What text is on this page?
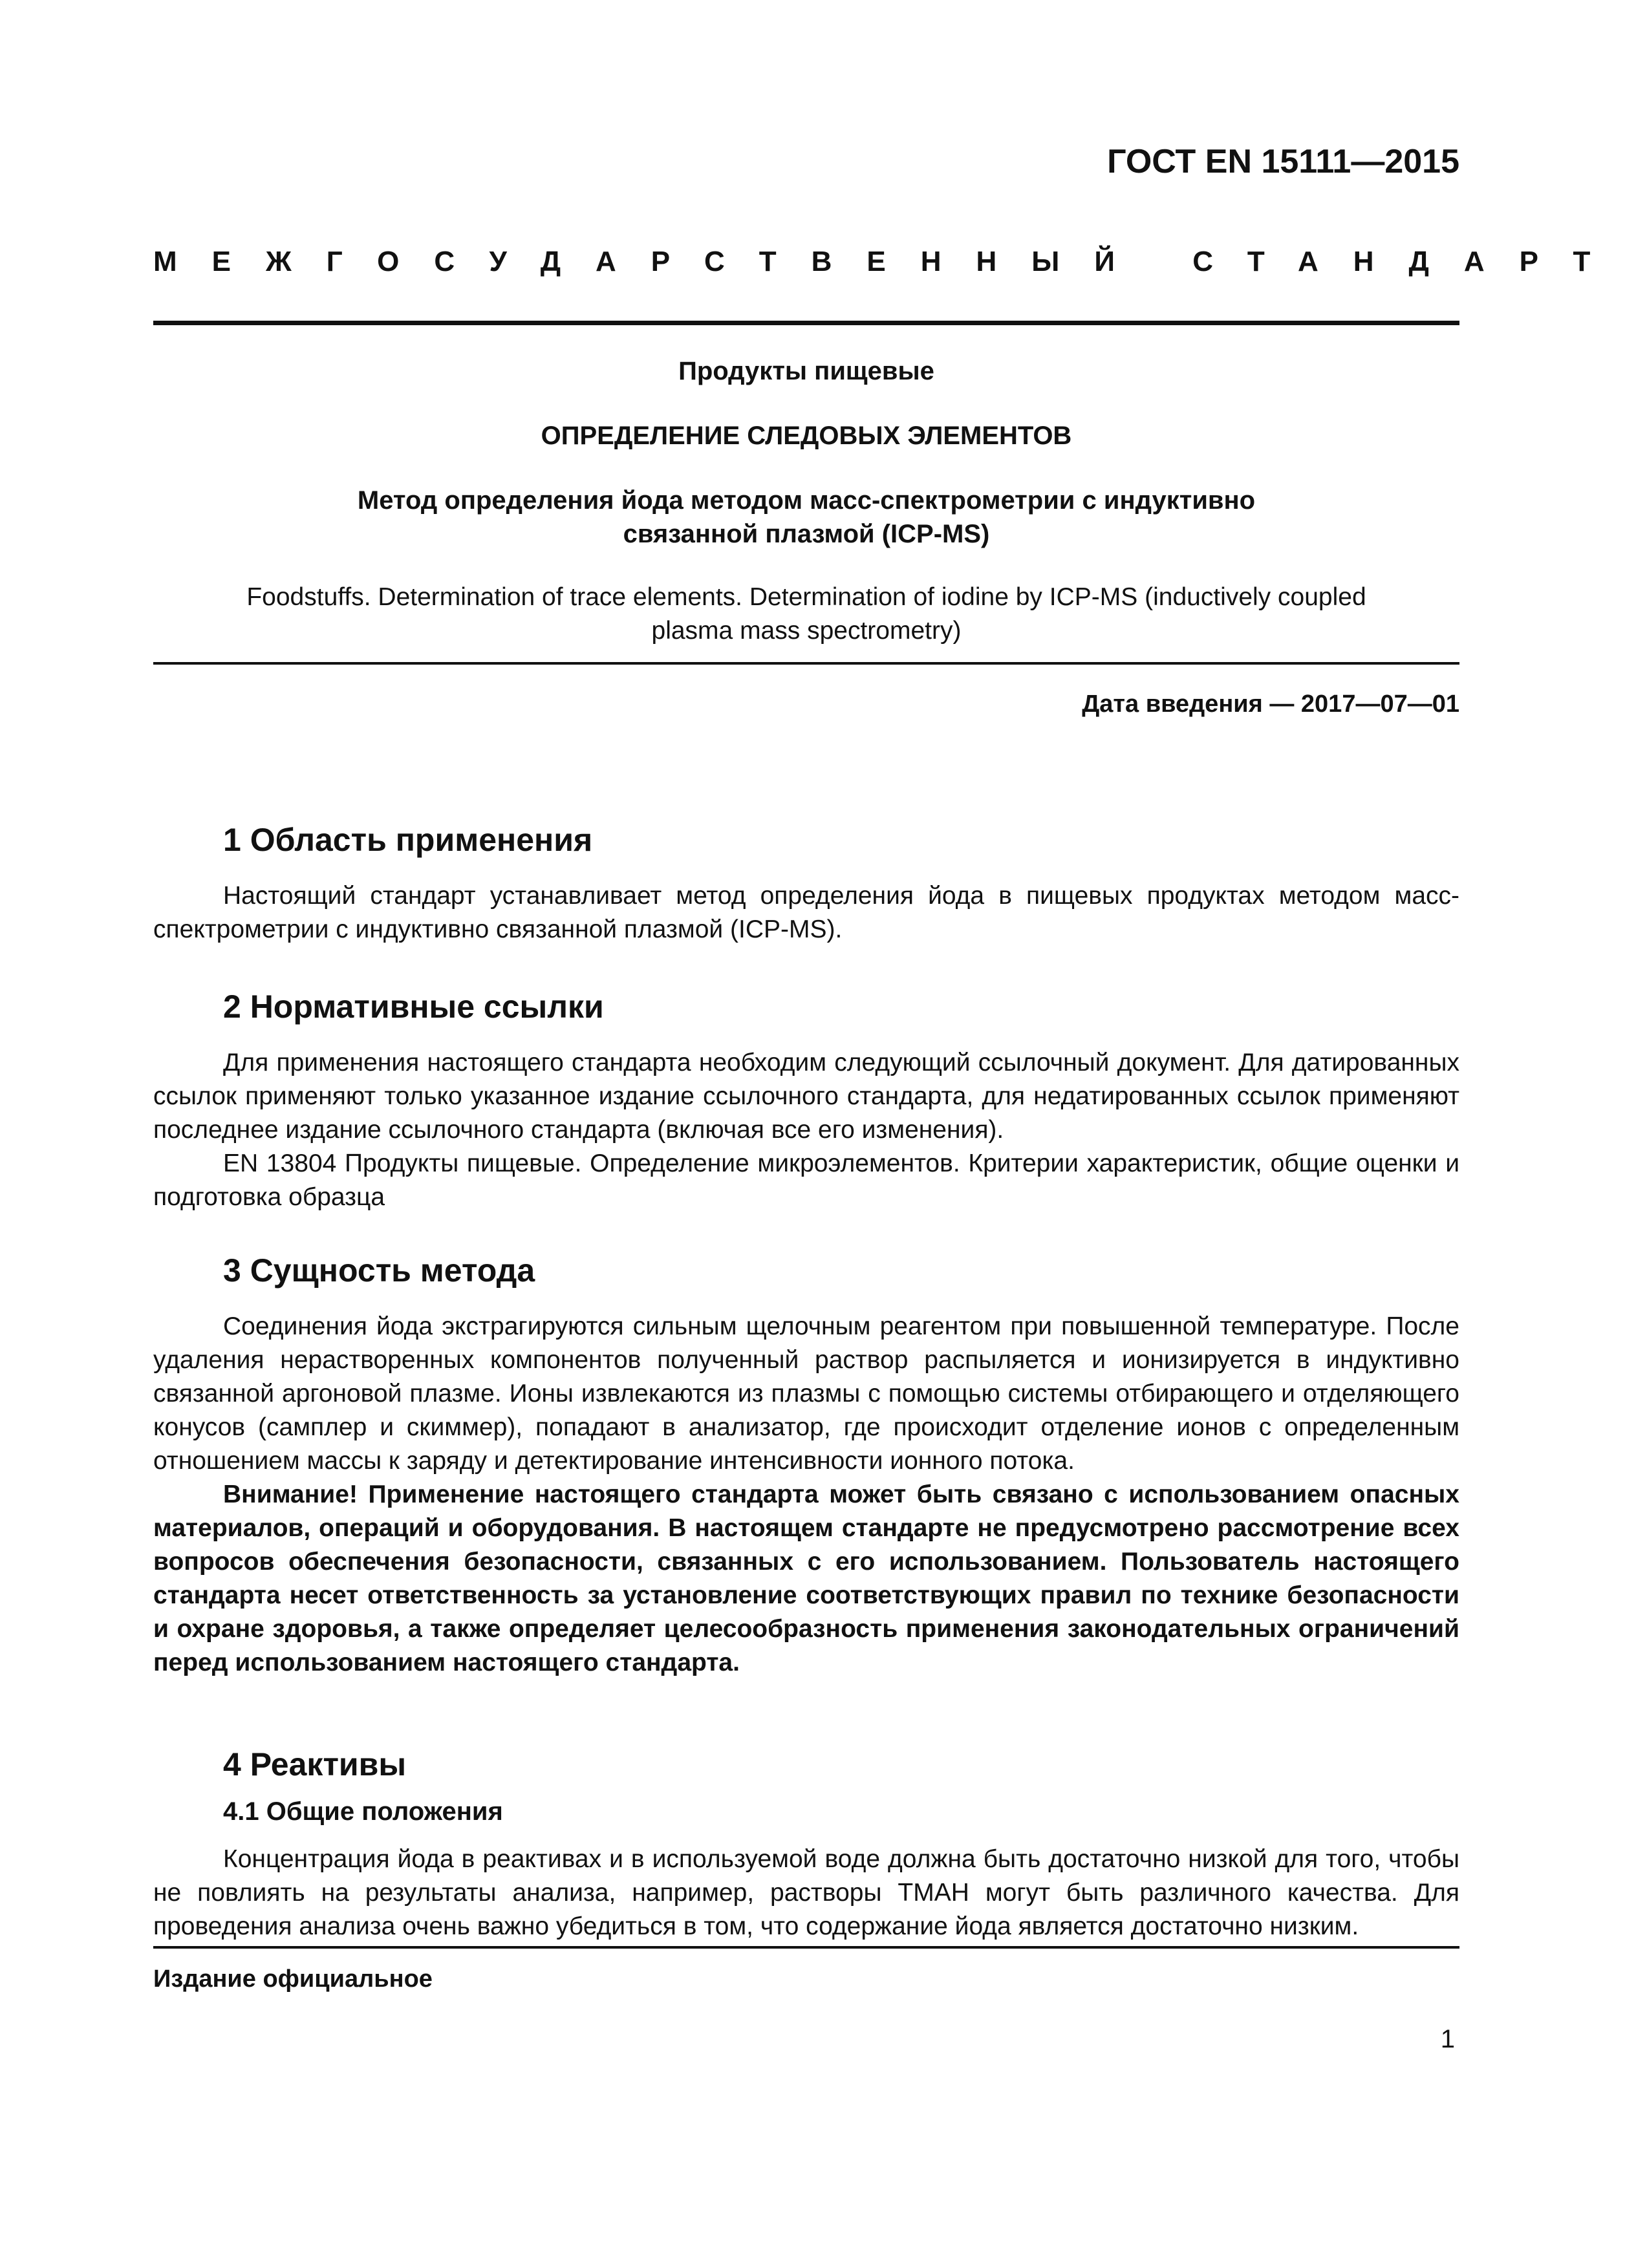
ГОСТ EN 15111—2015
МЕЖГОСУДАРСТВЕННЫЙ СТАНДАРТ
Продукты пищевые
ОПРЕДЕЛЕНИЕ СЛЕДОВЫХ ЭЛЕМЕНТОВ
Метод определения йода методом масс-спектрометрии с индуктивно
связанной плазмой (ICP-MS)
Foodstuffs. Determination of trace elements. Determination of iodine by ICP-MS (inductively coupled
plasma mass spectrometry)
Дата введения — 2017—07—01
1 Область применения

Настоящий стандарт устанавливает метод определения йода в пищевых продуктах методом масс-спектрометрии с индуктивно связанной плазмой (ICP-MS).

2 Нормативные ссылки

Для применения настоящего стандарта необходим следующий ссылочный документ. Для датированных ссылок применяют только указанное издание ссылочного стандарта, для недатированных ссылок применяют последнее издание ссылочного стандарта (включая все его изменения).

EN 13804 Продукты пищевые. Определение микроэлементов. Критерии характеристик, общие оценки и подготовка образца

3 Сущность метода

Соединения йода экстрагируются сильным щелочным реагентом при повышенной температуре. После удаления нерастворенных компонентов полученный раствор распыляется и ионизируется в индуктивно связанной аргоновой плазме. Ионы извлекаются из плазмы с помощью системы отбирающего и отделяющего конусов (самплер и скиммер), попадают в анализатор, где происходит отделение ионов с определенным отношением массы к заряду и детектирование интенсивности ионного потока.

Внимание! Применение настоящего стандарта может быть связано с использованием опасных материалов, операций и оборудования. В настоящем стандарте не предусмотрено рассмотрение всех вопросов обеспечения безопасности, связанных с его использованием. Пользователь настоящего стандарта несет ответственность за установление соответствующих правил по технике безопасности и охране здоровья, а также определяет целесообразность применения законодательных ограничений перед использованием настоящего стандарта.

4 Реактивы
4.1 Общие положения

Концентрация йода в реактивах и в используемой воде должна быть достаточно низкой для того, чтобы не повлиять на результаты анализа, например, растворы TMAH могут быть различного качества. Для проведения анализа очень важно убедиться в том, что содержание йода является достаточно низким.

Издание официальное
1
